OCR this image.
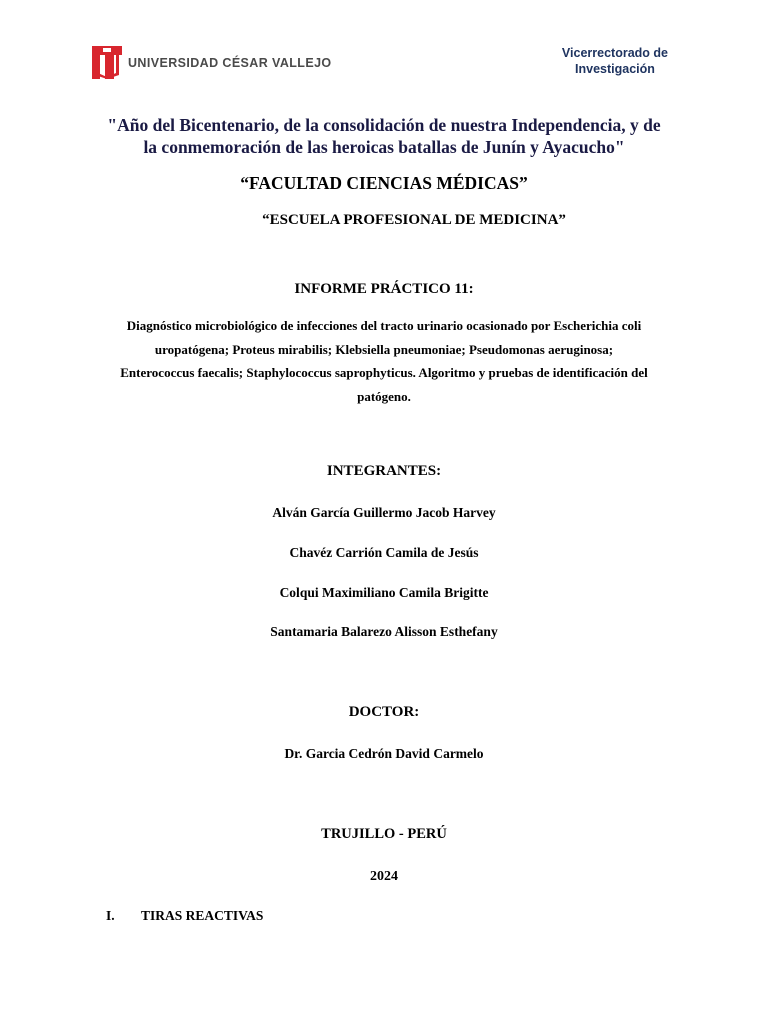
UNIVERSIDAD CÉSAR VALLEJO
Vicerrectorado de
Investigación
"Año del Bicentenario, de la consolidación de nuestra Independencia, y de
la conmemoración de las heroicas batallas de Junín y Ayacucho"
“FACULTAD CIENCIAS MÉDICAS”
“ESCUELA PROFESIONAL DE MEDICINA”
INFORME PRÁCTICO 11:
Diagnóstico microbiológico de infecciones del tracto urinario ocasionado por Escherichia coli
uropatógena; Proteus mirabilis; Klebsiella pneumoniae; Pseudomonas aeruginosa;
Enterococcus faecalis; Staphylococcus saprophyticus. Algoritmo y pruebas de identificación del
patógeno.
INTEGRANTES:
Alván García Guillermo Jacob Harvey
Chavéz Carrión Camila de Jesús
Colqui Maximiliano Camila Brigitte
Santamaria Balarezo Alisson Esthefany
DOCTOR:
Dr. Garcia Cedrón David Carmelo
TRUJILLO - PERÚ
2024
I. TIRAS REACTIVAS
